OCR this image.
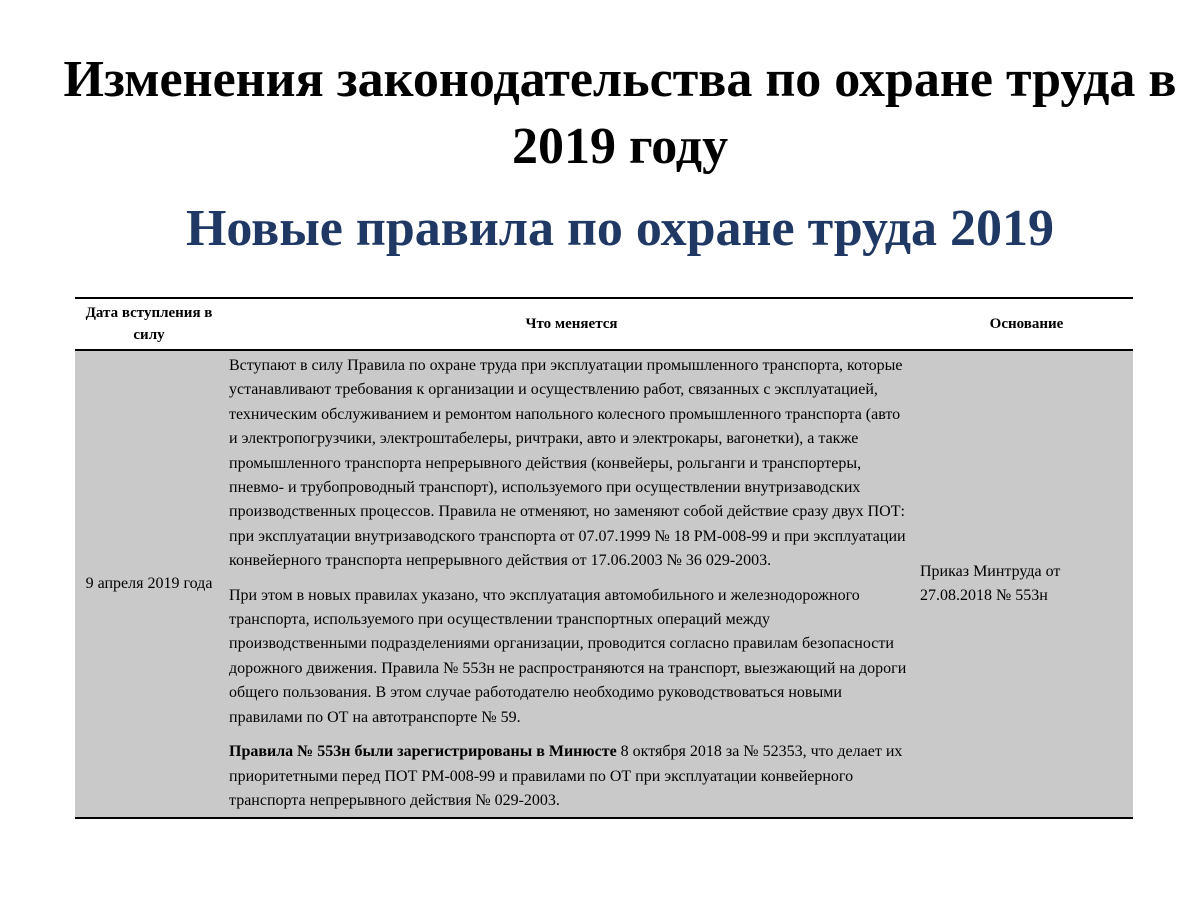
Изменения законодательства по охране труда в 2019 году
Новые правила по охране труда 2019
Дата вступления в силу	Что меняется	Основание
9 апреля 2019 года	Вступают в силу Правила по охране труда при эксплуатации промышленного транспорта, которые устанавливают требования к организации и осуществлению работ, связанных с эксплуатацией, техническим обслуживанием и ремонтом напольного колесного промышленного транспорта (авто и электропогрузчики, электроштабелеры, ричтраки, авто и электрокары, вагонетки), а также промышленного транспорта непрерывного действия (конвейеры, рольганги и транспортеры, пневмо- и трубопроводный транспорт), используемого при осуществлении внутризаводских производственных процессов. Правила не отменяют, но заменяют собой действие сразу двух ПОТ: при эксплуатации внутризаводского транспорта от 07.07.1999 № 18 РМ-008-99 и при эксплуатации конвейерного транспорта непрерывного действия от 17.06.2003 № 36 029-2003.

При этом в новых правилах указано, что эксплуатация автомобильного и железнодорожного транспорта, используемого при осуществлении транспортных операций между производственными подразделениями организации, проводится согласно правилам безопасности дорожного движения. Правила № 553н не распространяются на транспорт, выезжающий на дороги общего пользования. В этом случае работодателю необходимо руководствоваться новыми правилами по ОТ на автотранспорте № 59.

Правила № 553н были зарегистрированы в Минюсте 8 октября 2018 за № 52353, что делает их приоритетными перед ПОТ РМ-008-99 и правилами по ОТ при эксплуатации конвейерного транспорта непрерывного действия № 029-2003.	Приказ Минтруда от 27.08.2018 № 553н
